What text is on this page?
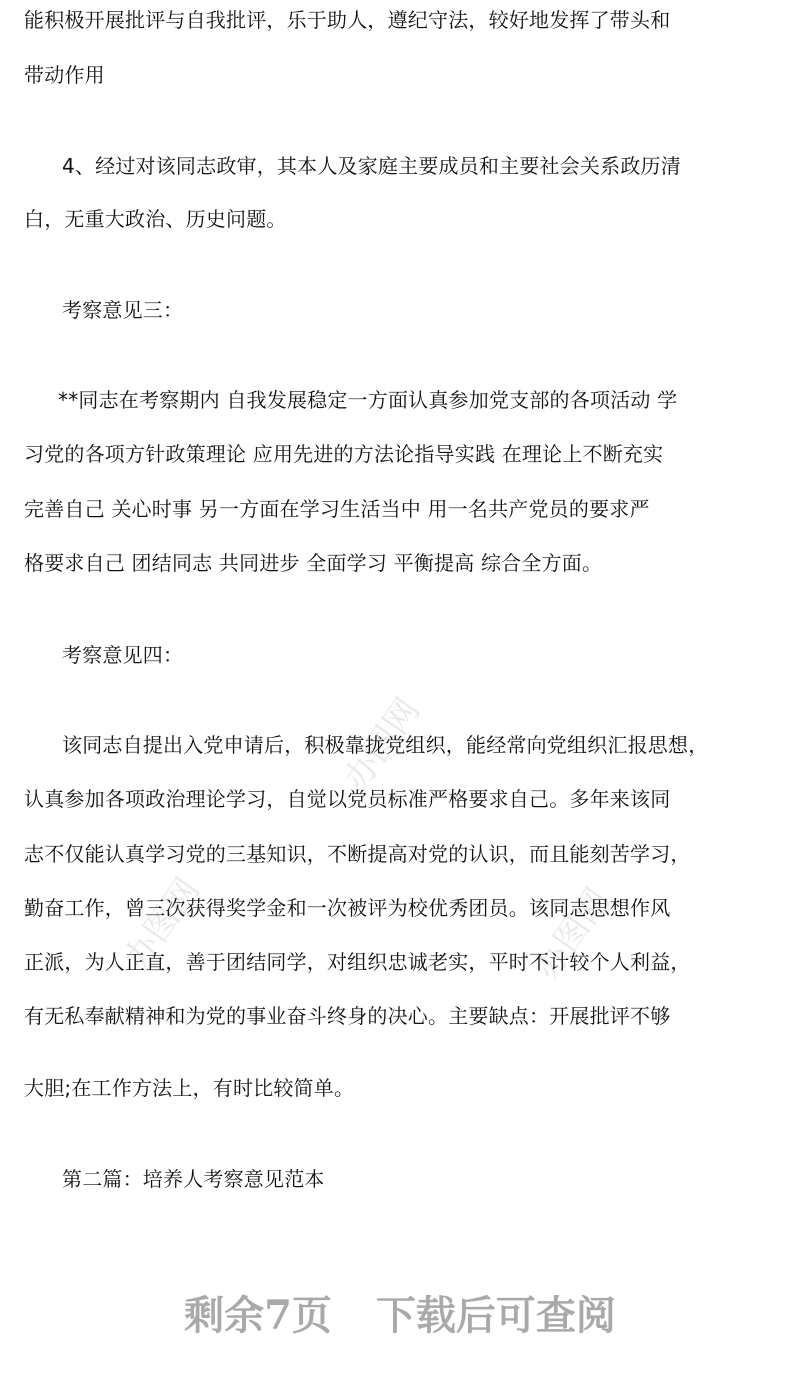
办图网
办图网	办图网
能积极开展批评与自我批评，乐于助人，遵纪守法，较好地发挥了带头和
带动作用
4、经过对该同志政审，其本人及家庭主要成员和主要社会关系政历清
白，无重大政治、历史问题。
考察意见三：
**同志在考察期内 自我发展稳定一方面认真参加党支部的各项活动 学
习党的各项方针政策理论 应用先进的方法论指导实践 在理论上不断充实
完善自己 关心时事 另一方面在学习生活当中 用一名共产党员的要求严
格要求自己 团结同志 共同进步 全面学习 平衡提高 综合全方面。
考察意见四：
该同志自提出入党申请后，积极靠拢党组织，能经常向党组织汇报思想，
认真参加各项政治理论学习，自觉以党员标准严格要求自己。多年来该同
志不仅能认真学习党的三基知识，不断提高对党的认识，而且能刻苦学习，
勤奋工作，曾三次获得奖学金和一次被评为校优秀团员。该同志思想作风
正派，为人正直，善于团结同学，对组织忠诚老实，平时不计较个人利益，
有无私奉献精神和为党的事业奋斗终身的决心。主要缺点：开展批评不够
大胆;在工作方法上，有时比较简单。
第二篇：培养人考察意见范本
剩余7页 下载后可查阅
